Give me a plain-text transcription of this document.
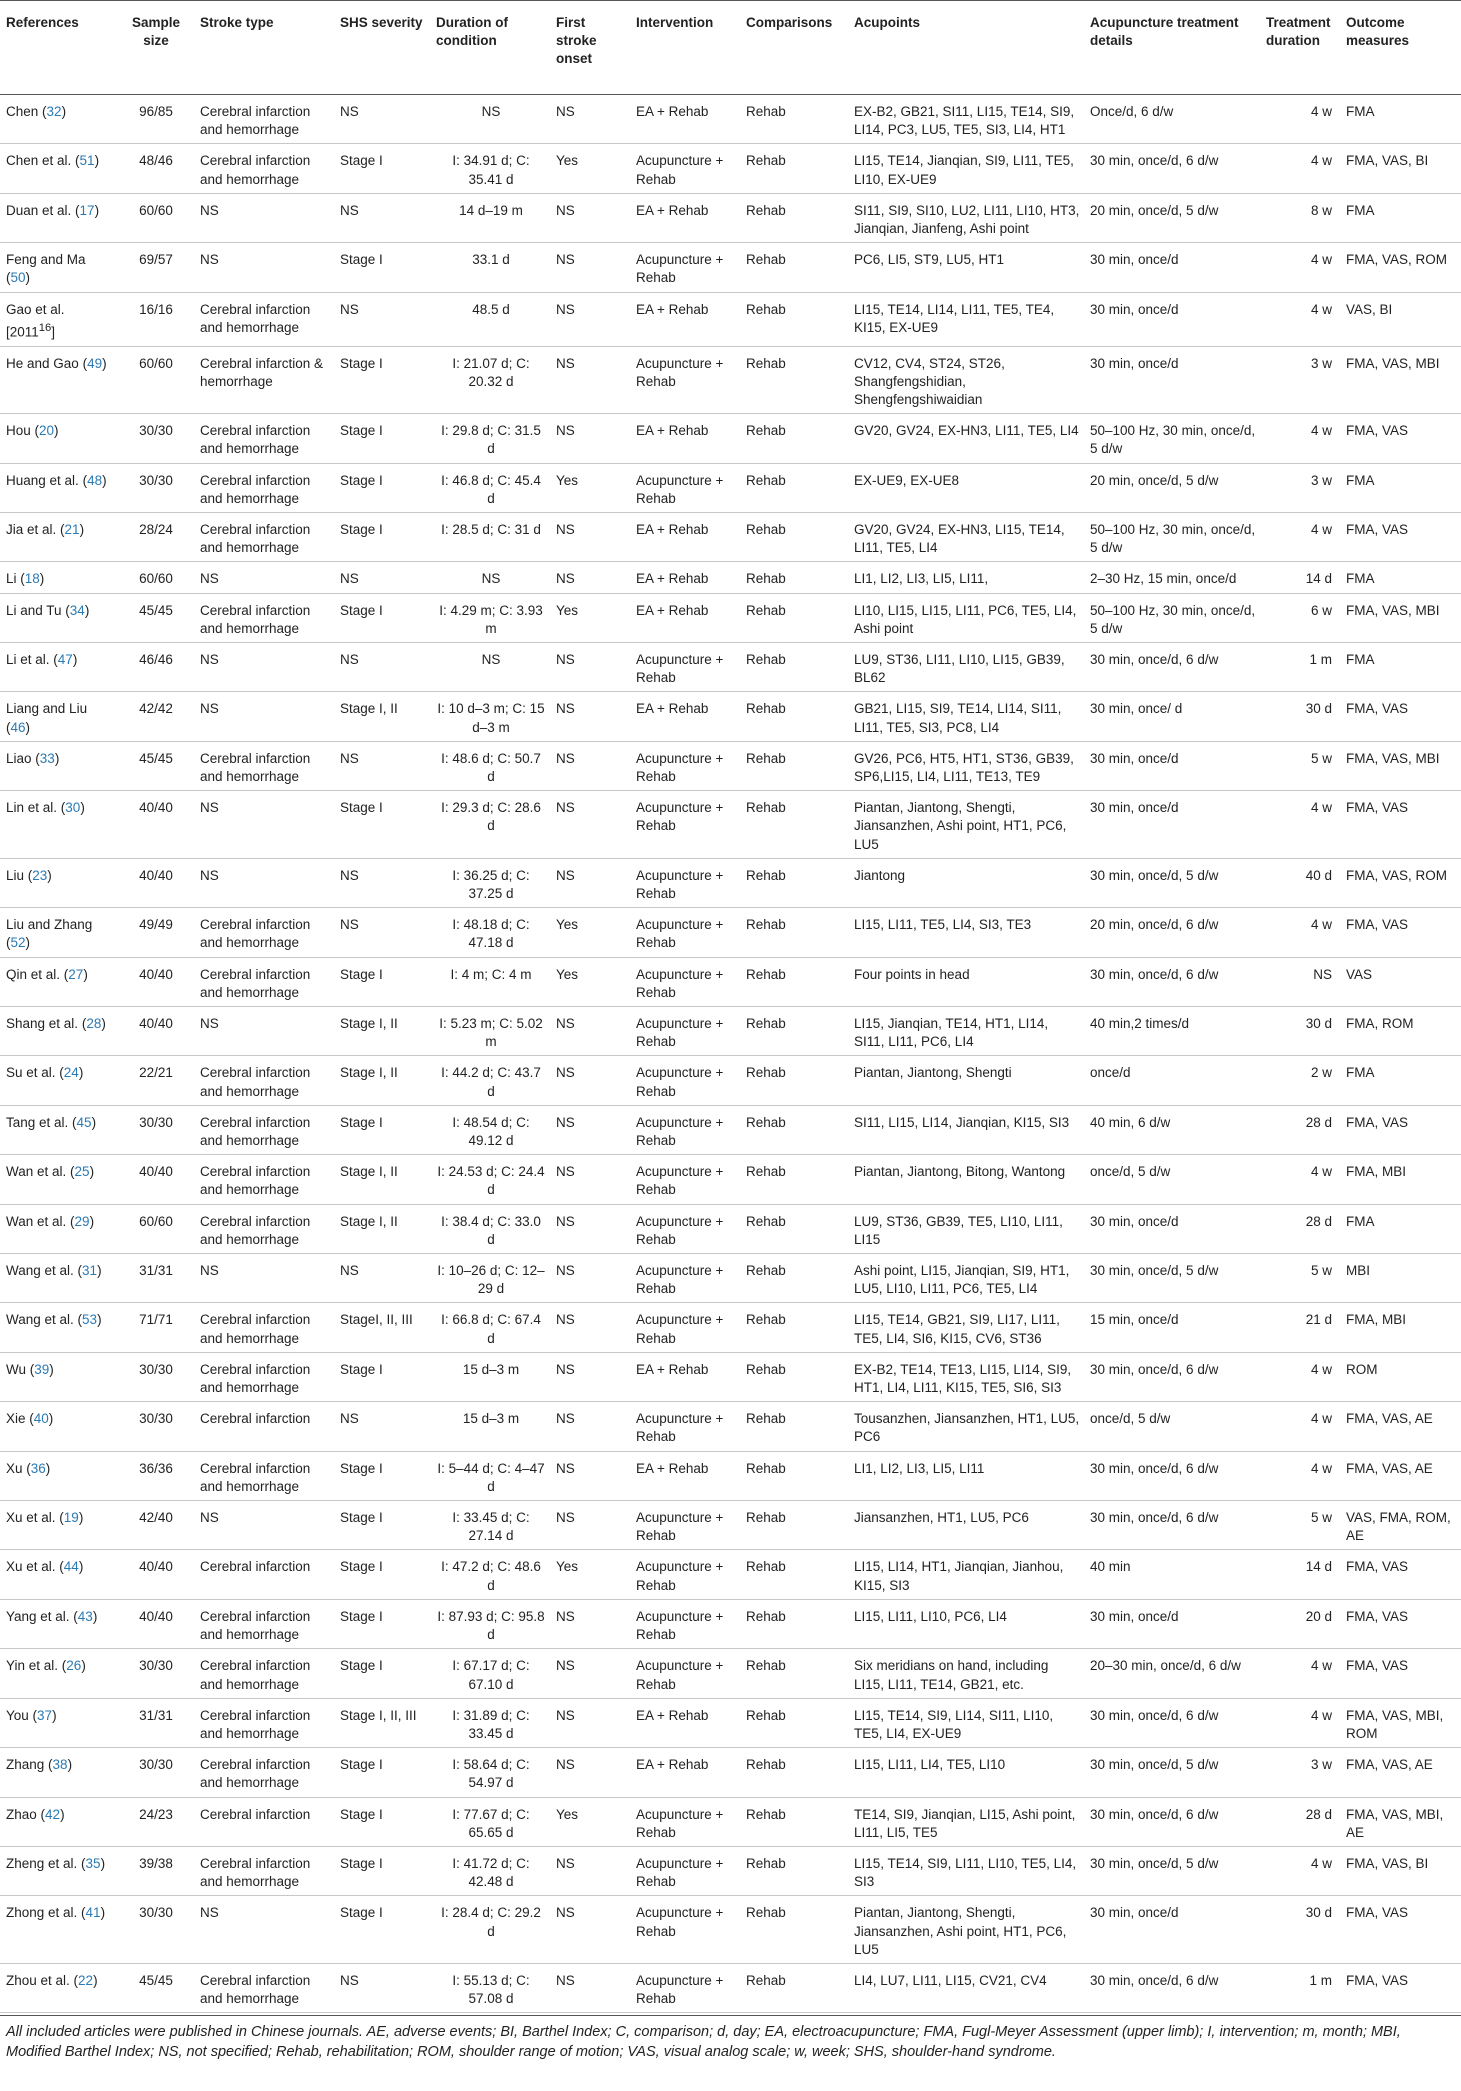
References	Sample size	Stroke type	SHS severity	Duration of condition	First stroke onset	Intervention	Comparisons	Acupoints	Acupuncture treatment details	Treatment duration	Outcome measures
Chen (32)	96/85	Cerebral infarction and hemorrhage	NS	NS	NS	EA + Rehab	Rehab	EX-B2, GB21, SI11, LI15, TE14, SI9, LI14, PC3, LU5, TE5, SI3, LI4, HT1	Once/d, 6 d/w	4 w	FMA
Chen et al. (51)	48/46	Cerebral infarction and hemorrhage	Stage I	I: 34.91 d; C: 35.41 d	Yes	Acupuncture + Rehab	Rehab	LI15, TE14, Jianqian, SI9, LI11, TE5, LI10, EX-UE9	30 min, once/d, 6 d/w	4 w	FMA, VAS, BI
Duan et al. (17)	60/60	NS	NS	14 d–19 m	NS	EA + Rehab	Rehab	SI11, SI9, SI10, LU2, LI11, LI10, HT3, Jianqian, Jianfeng, Ashi point	20 min, once/d, 5 d/w	8 w	FMA
Feng and Ma (50)	69/57	NS	Stage I	33.1 d	NS	Acupuncture + Rehab	Rehab	PC6, LI5, ST9, LU5, HT1	30 min, once/d	4 w	FMA, VAS, ROM
Gao et al. [2011$^{16}$]	16/16	Cerebral infarction and hemorrhage	NS	48.5 d	NS	EA + Rehab	Rehab	LI15, TE14, LI14, LI11, TE5, TE4, KI15, EX-UE9	30 min, once/d	4 w	VAS, BI
He and Gao (49)	60/60	Cerebral infarction & hemorrhage	Stage I	I: 21.07 d; C: 20.32 d	NS	Acupuncture + Rehab	Rehab	CV12, CV4, ST24, ST26, Shangfengshidian, Shengfengshiwaidian	30 min, once/d	3 w	FMA, VAS, MBI
Hou (20)	30/30	Cerebral infarction and hemorrhage	Stage I	I: 29.8 d; C: 31.5 d	NS	EA + Rehab	Rehab	GV20, GV24, EX-HN3, LI11, TE5, LI4	50–100 Hz, 30 min, once/d, 5 d/w	4 w	FMA, VAS
Huang et al. (48)	30/30	Cerebral infarction and hemorrhage	Stage I	I: 46.8 d; C: 45.4 d	Yes	Acupuncture + Rehab	Rehab	EX-UE9, EX-UE8	20 min, once/d, 5 d/w	3 w	FMA
Jia et al. (21)	28/24	Cerebral infarction and hemorrhage	Stage I	I: 28.5 d; C: 31 d	NS	EA + Rehab	Rehab	GV20, GV24, EX-HN3, LI15, TE14, LI11, TE5, LI4	50–100 Hz, 30 min, once/d, 5 d/w	4 w	FMA, VAS
Li (18)	60/60	NS	NS	NS	NS	EA + Rehab	Rehab	LI1, LI2, LI3, LI5, LI11,	2–30 Hz, 15 min, once/d	14 d	FMA
Li and Tu (34)	45/45	Cerebral infarction and hemorrhage	Stage I	I: 4.29 m; C: 3.93 m	Yes	EA + Rehab	Rehab	LI10, LI15, LI15, LI11, PC6, TE5, LI4, Ashi point	50–100 Hz, 30 min, once/d, 5 d/w	6 w	FMA, VAS, MBI
Li et al. (47)	46/46	NS	NS	NS	NS	Acupuncture + Rehab	Rehab	LU9, ST36, LI11, LI10, LI15, GB39, BL62	30 min, once/d, 6 d/w	1 m	FMA
Liang and Liu (46)	42/42	NS	Stage I, II	I: 10 d–3 m; C: 15 d–3 m	NS	EA + Rehab	Rehab	GB21, LI15, SI9, TE14, LI14, SI11, LI11, TE5, SI3, PC8, LI4	30 min, once/ d	30 d	FMA, VAS
Liao (33)	45/45	Cerebral infarction and hemorrhage	NS	I: 48.6 d; C: 50.7 d	NS	Acupuncture + Rehab	Rehab	GV26, PC6, HT5, HT1, ST36, GB39, SP6,LI15, LI4, LI11, TE13, TE9	30 min, once/d	5 w	FMA, VAS, MBI
Lin et al. (30)	40/40	NS	Stage I	I: 29.3 d; C: 28.6 d	NS	Acupuncture + Rehab	Rehab	Piantan, Jiantong, Shengti, Jiansanzhen, Ashi point, HT1, PC6, LU5	30 min, once/d	4 w	FMA, VAS
Liu (23)	40/40	NS	NS	I: 36.25 d; C: 37.25 d	NS	Acupuncture + Rehab	Rehab	Jiantong	30 min, once/d, 5 d/w	40 d	FMA, VAS, ROM
Liu and Zhang (52)	49/49	Cerebral infarction and hemorrhage	NS	I: 48.18 d; C: 47.18 d	Yes	Acupuncture + Rehab	Rehab	LI15, LI11, TE5, LI4, SI3, TE3	20 min, once/d, 6 d/w	4 w	FMA, VAS
Qin et al. (27)	40/40	Cerebral infarction and hemorrhage	Stage I	I: 4 m; C: 4 m	Yes	Acupuncture + Rehab	Rehab	Four points in head	30 min, once/d, 6 d/w	NS	VAS
Shang et al. (28)	40/40	NS	Stage I, II	I: 5.23 m; C: 5.02 m	NS	Acupuncture + Rehab	Rehab	LI15, Jianqian, TE14, HT1, LI14, SI11, LI11, PC6, LI4	40 min,2 times/d	30 d	FMA, ROM
Su et al. (24)	22/21	Cerebral infarction and hemorrhage	Stage I, II	I: 44.2 d; C: 43.7 d	NS	Acupuncture + Rehab	Rehab	Piantan, Jiantong, Shengti	once/d	2 w	FMA
Tang et al. (45)	30/30	Cerebral infarction and hemorrhage	Stage I	I: 48.54 d; C: 49.12 d	NS	Acupuncture + Rehab	Rehab	SI11, LI15, LI14, Jianqian, KI15, SI3	40 min, 6 d/w	28 d	FMA, VAS
Wan et al. (25)	40/40	Cerebral infarction and hemorrhage	Stage I, II	I: 24.53 d; C: 24.4 d	NS	Acupuncture + Rehab	Rehab	Piantan, Jiantong, Bitong, Wantong	once/d, 5 d/w	4 w	FMA, MBI
Wan et al. (29)	60/60	Cerebral infarction and hemorrhage	Stage I, II	I: 38.4 d; C: 33.0 d	NS	Acupuncture + Rehab	Rehab	LU9, ST36, GB39, TE5, LI10, LI11, LI15	30 min, once/d	28 d	FMA
Wang et al. (31)	31/31	NS	NS	I: 10–26 d; C: 12–29 d	NS	Acupuncture + Rehab	Rehab	Ashi point, LI15, Jianqian, SI9, HT1, LU5, LI10, LI11, PC6, TE5, LI4	30 min, once/d, 5 d/w	5 w	MBI
Wang et al. (53)	71/71	Cerebral infarction and hemorrhage	StageI, II, III	I: 66.8 d; C: 67.4 d	NS	Acupuncture + Rehab	Rehab	LI15, TE14, GB21, SI9, LI17, LI11, TE5, LI4, SI6, KI15, CV6, ST36	15 min, once/d	21 d	FMA, MBI
Wu (39)	30/30	Cerebral infarction and hemorrhage	Stage I	15 d–3 m	NS	EA + Rehab	Rehab	EX-B2, TE14, TE13, LI15, LI14, SI9, HT1, LI4, LI11, KI15, TE5, SI6, SI3	30 min, once/d, 6 d/w	4 w	ROM
Xie (40)	30/30	Cerebral infarction	NS	15 d–3 m	NS	Acupuncture + Rehab	Rehab	Tousanzhen, Jiansanzhen, HT1, LU5, PC6	once/d, 5 d/w	4 w	FMA, VAS, AE
Xu (36)	36/36	Cerebral infarction and hemorrhage	Stage I	I: 5–44 d; C: 4–47 d	NS	EA + Rehab	Rehab	LI1, LI2, LI3, LI5, LI11	30 min, once/d, 6 d/w	4 w	FMA, VAS, AE
Xu et al. (19)	42/40	NS	Stage I	I: 33.45 d; C: 27.14 d	NS	Acupuncture + Rehab	Rehab	Jiansanzhen, HT1, LU5, PC6	30 min, once/d, 6 d/w	5 w	VAS, FMA, ROM, AE
Xu et al. (44)	40/40	Cerebral infarction	Stage I	I: 47.2 d; C: 48.6 d	Yes	Acupuncture + Rehab	Rehab	LI15, LI14, HT1, Jianqian, Jianhou, KI15, SI3	40 min	14 d	FMA, VAS
Yang et al. (43)	40/40	Cerebral infarction and hemorrhage	Stage I	I: 87.93 d; C: 95.8 d	NS	Acupuncture + Rehab	Rehab	LI15, LI11, LI10, PC6, LI4	30 min, once/d	20 d	FMA, VAS
Yin et al. (26)	30/30	Cerebral infarction and hemorrhage	Stage I	I: 67.17 d; C: 67.10 d	NS	Acupuncture + Rehab	Rehab	Six meridians on hand, including LI15, LI11, TE14, GB21, etc.	20–30 min, once/d, 6 d/w	4 w	FMA, VAS
You (37)	31/31	Cerebral infarction and hemorrhage	Stage I, II, III	I: 31.89 d; C: 33.45 d	NS	EA + Rehab	Rehab	LI15, TE14, SI9, LI14, SI11, LI10, TE5, LI4, EX-UE9	30 min, once/d, 6 d/w	4 w	FMA, VAS, MBI, ROM
Zhang (38)	30/30	Cerebral infarction and hemorrhage	Stage I	I: 58.64 d; C: 54.97 d	NS	EA + Rehab	Rehab	LI15, LI11, LI4, TE5, LI10	30 min, once/d, 5 d/w	3 w	FMA, VAS, AE
Zhao (42)	24/23	Cerebral infarction	Stage I	I: 77.67 d; C: 65.65 d	Yes	Acupuncture + Rehab	Rehab	TE14, SI9, Jianqian, LI15, Ashi point, LI11, LI5, TE5	30 min, once/d, 6 d/w	28 d	FMA, VAS, MBI, AE
Zheng et al. (35)	39/38	Cerebral infarction and hemorrhage	Stage I	I: 41.72 d; C: 42.48 d	NS	Acupuncture + Rehab	Rehab	LI15, TE14, SI9, LI11, LI10, TE5, LI4, SI3	30 min, once/d, 5 d/w	4 w	FMA, VAS, BI
Zhong et al. (41)	30/30	NS	Stage I	I: 28.4 d; C: 29.2 d	NS	Acupuncture + Rehab	Rehab	Piantan, Jiantong, Shengti, Jiansanzhen, Ashi point, HT1, PC6, LU5	30 min, once/d	30 d	FMA, VAS
Zhou et al. (22)	45/45	Cerebral infarction and hemorrhage	NS	I: 55.13 d; C: 57.08 d	NS	Acupuncture + Rehab	Rehab	LI4, LU7, LI11, LI15, CV21, CV4	30 min, once/d, 6 d/w	1 m	FMA, VAS
All included articles were published in Chinese journals. AE, adverse events; BI, Barthel Index; C, comparison; d, day; EA, electroacupuncture; FMA, Fugl-Meyer Assessment (upper limb); I, intervention; m, month; MBI, Modified Barthel Index; NS, not specified; Rehab, rehabilitation; ROM, shoulder range of motion; VAS, visual analog scale; w, week; SHS, shoulder-hand syndrome.
